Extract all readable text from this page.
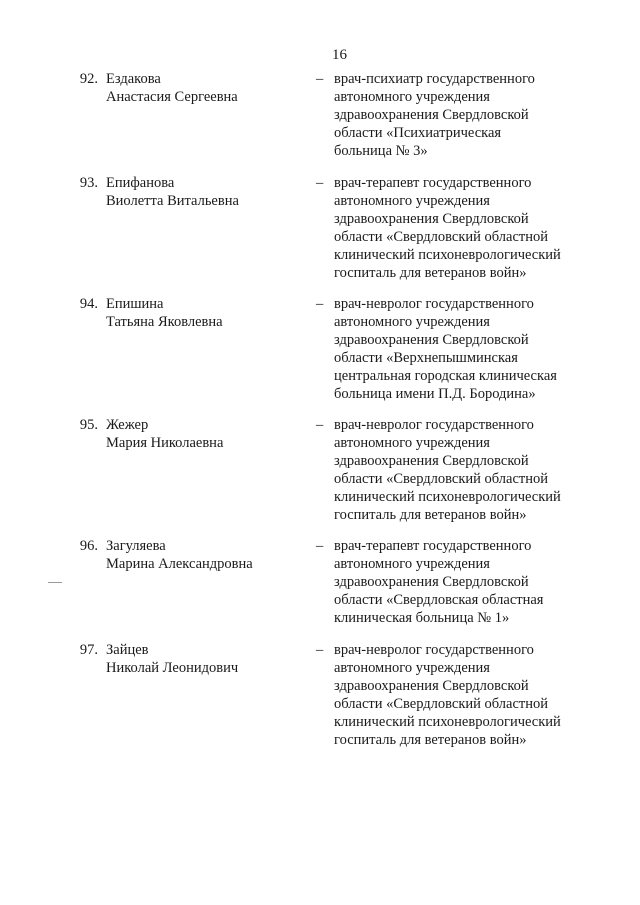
16
92. Ездакова
Анастасия Сергеевна
– врач-психиатр государственного
автономного учреждения
здравоохранения Свердловской
области «Психиатрическая
больница № 3»
93. Епифанова
Виолетта Витальевна
– врач-терапевт государственного
автономного учреждения
здравоохранения Свердловской
области «Свердловский областной
клинический психоневрологический
госпиталь для ветеранов войн»
94. Епишина
Татьяна Яковлевна
– врач-невролог государственного
автономного учреждения
здравоохранения Свердловской
области «Верхнепышминская
центральная городская клиническая
больница имени П.Д. Бородина»
95. Жежер
Мария Николаевна
– врач-невролог государственного
автономного учреждения
здравоохранения Свердловской
области «Свердловский областной
клинический психоневрологический
госпиталь для ветеранов войн»
96. Загуляева
Марина Александровна
– врач-терапевт государственного
автономного учреждения
здравоохранения Свердловской
области «Свердловская областная
клиническая больница № 1»
97. Зайцев
Николай Леонидович
– врач-невролог государственного
автономного учреждения
здравоохранения Свердловской
области «Свердловский областной
клинический психоневрологический
госпиталь для ветеранов войн»
